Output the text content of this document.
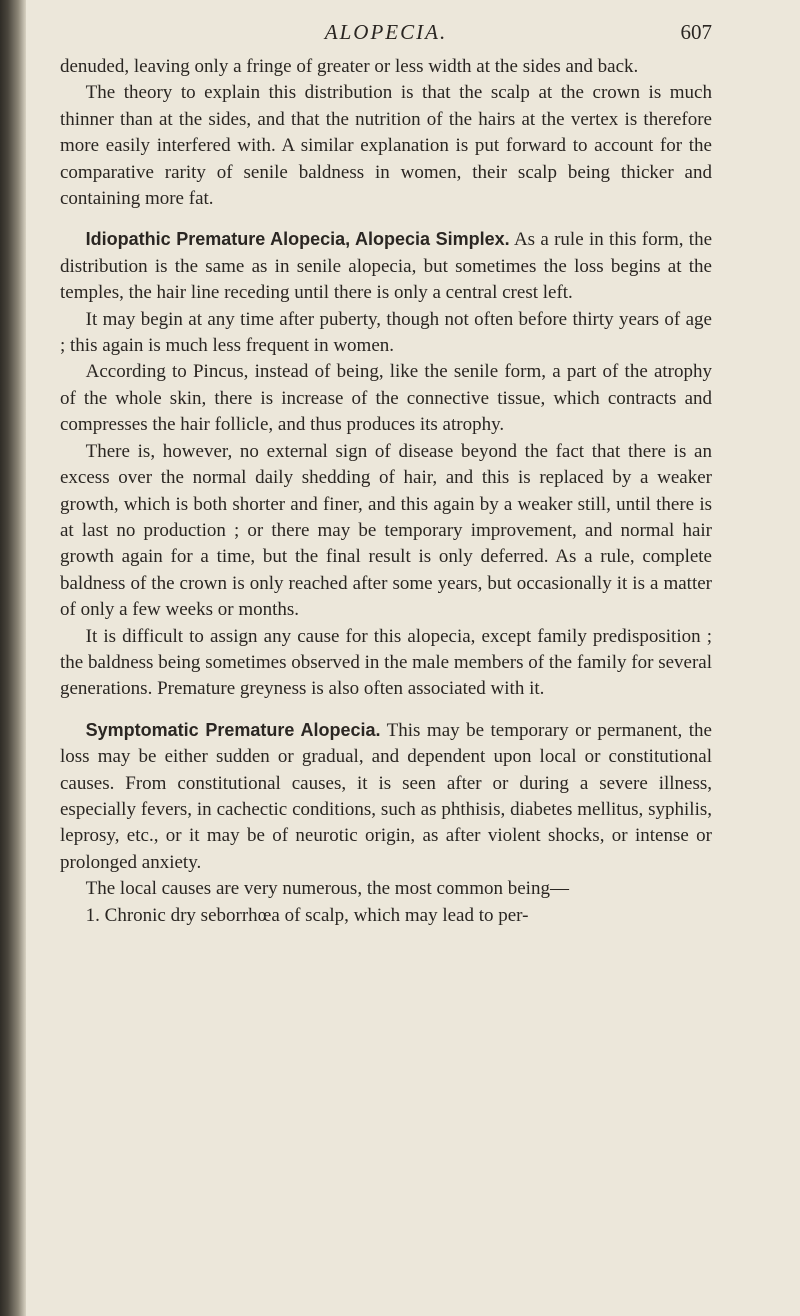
ALOPECIA.	607

denuded, leaving only a fringe of greater or less width at the sides and back.

The theory to explain this distribution is that the scalp at the crown is much thinner than at the sides, and that the nutrition of the hairs at the vertex is therefore more easily interfered with. A similar explanation is put forward to account for the comparative rarity of senile baldness in women, their scalp being thicker and containing more fat.

Idiopathic Premature Alopecia, Alopecia Simplex. As a rule in this form, the distribution is the same as in senile alopecia, but sometimes the loss begins at the temples, the hair line receding until there is only a central crest left.

It may begin at any time after puberty, though not often before thirty years of age ; this again is much less frequent in women.

According to Pincus, instead of being, like the senile form, a part of the atrophy of the whole skin, there is increase of the connective tissue, which contracts and compresses the hair follicle, and thus produces its atrophy.

There is, however, no external sign of disease beyond the fact that there is an excess over the normal daily shedding of hair, and this is replaced by a weaker growth, which is both shorter and finer, and this again by a weaker still, until there is at last no production ; or there may be temporary improvement, and normal hair growth again for a time, but the final result is only deferred. As a rule, complete baldness of the crown is only reached after some years, but occasionally it is a matter of only a few weeks or months.

It is difficult to assign any cause for this alopecia, except family predisposition ; the baldness being sometimes observed in the male members of the family for several generations. Premature greyness is also often associated with it.

Symptomatic Premature Alopecia. This may be temporary or permanent, the loss may be either sudden or gradual, and dependent upon local or constitutional causes. From constitutional causes, it is seen after or during a severe illness, especially fevers, in cachectic conditions, such as phthisis, diabetes mellitus, syphilis, leprosy, etc., or it may be of neurotic origin, as after violent shocks, or intense or prolonged anxiety.

The local causes are very numerous, the most common being—

1. Chronic dry seborrhœa of scalp, which may lead to per-
